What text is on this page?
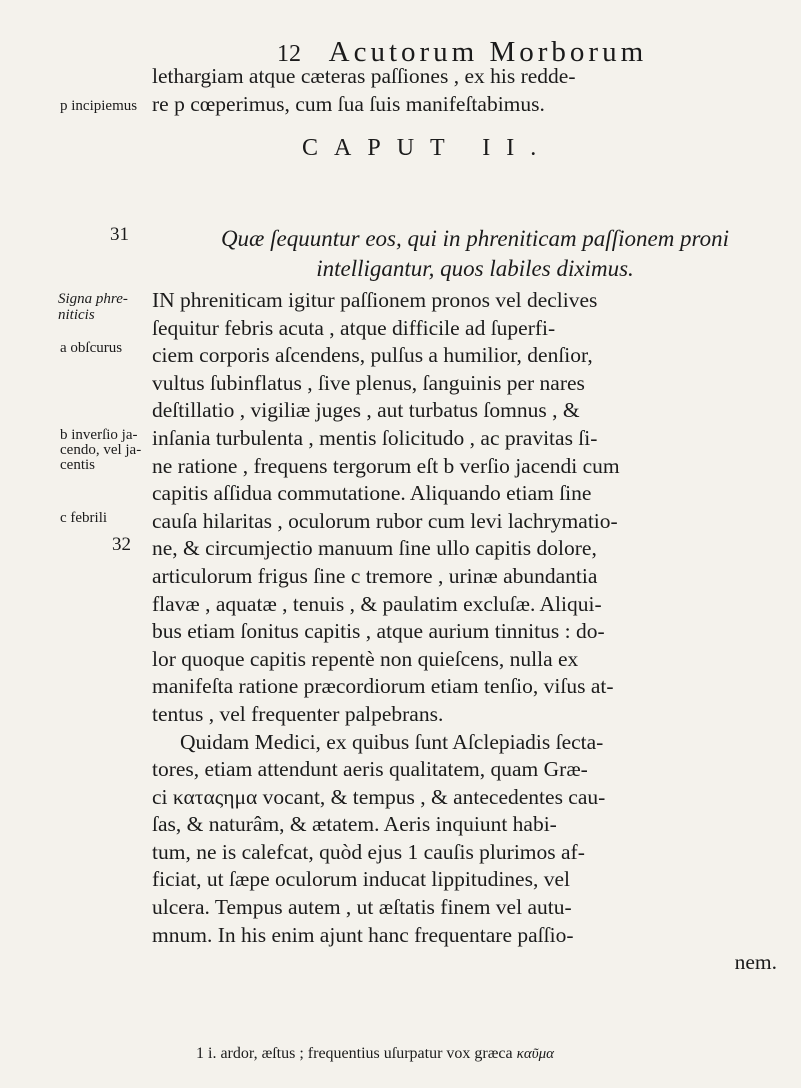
12 Acutorum Morborum
p incipiemus
lethargiam atque cæteras paſſiones , ex his redde-
re p cœperimus, cum ſua ſuis manifeſtabimus.
CAPUT II.
31	Quæ ſequuntur eos, qui in phreniticam paſſionem proni
intelligantur, quos labiles diximus.
Signa phre-
niticis
a obſcurus
b inverſio ja-
cendo, vel ja-
centis
c febrili
32
IN phreniticam igitur paſſionem pronos vel declives
ſequitur febris acuta , atque difficile ad ſuperfi-
ciem corporis aſcendens, pulſus a humilior, denſior,
vultus ſubinflatus , ſive plenus, ſanguinis per nares
deſtillatio , vigiliæ juges , aut turbatus ſomnus , &
inſania turbulenta , mentis ſolicitudo , ac pravitas ſi-
ne ratione , frequens tergorum eſt b verſio jacendi cum
capitis aſſidua commutatione. Aliquando etiam ſine
cauſa hilaritas , oculorum rubor cum levi lachrymatio-
ne, & circumjectio manuum ſine ullo capitis dolore,
articulorum frigus ſine c tremore , urinæ abundantia
flavæ , aquatæ , tenuis , & paulatim excluſæ. Aliqui-
bus etiam ſonitus capitis , atque aurium tinnitus : do-
lor quoque capitis repentè non quieſcens, nulla ex
manifeſta ratione præcordiorum etiam tenſio, viſus at-
tentus , vel frequenter palpebrans.
Quidam Medici, ex quibus ſunt Aſclepiadis ſecta-
tores, etiam attendunt aeris qualitatem, quam Græ-
ci καταςημα vocant, & tempus , & antecedentes cau-
ſas, & naturâm, & ætatem. Aeris inquiunt habi-
tum, ne is calefcat, quòd ejus 1 cauſis plurimos af-
ficiat, ut ſæpe oculorum inducat lippitudines, vel
ulcera. Tempus autem , ut æſtatis finem vel autu-
mnum. In his enim ajunt hanc frequentare paſſio-
nem.
1 i. ardor, æſtus ; frequentius uſurpatur vox græca καῦμα
